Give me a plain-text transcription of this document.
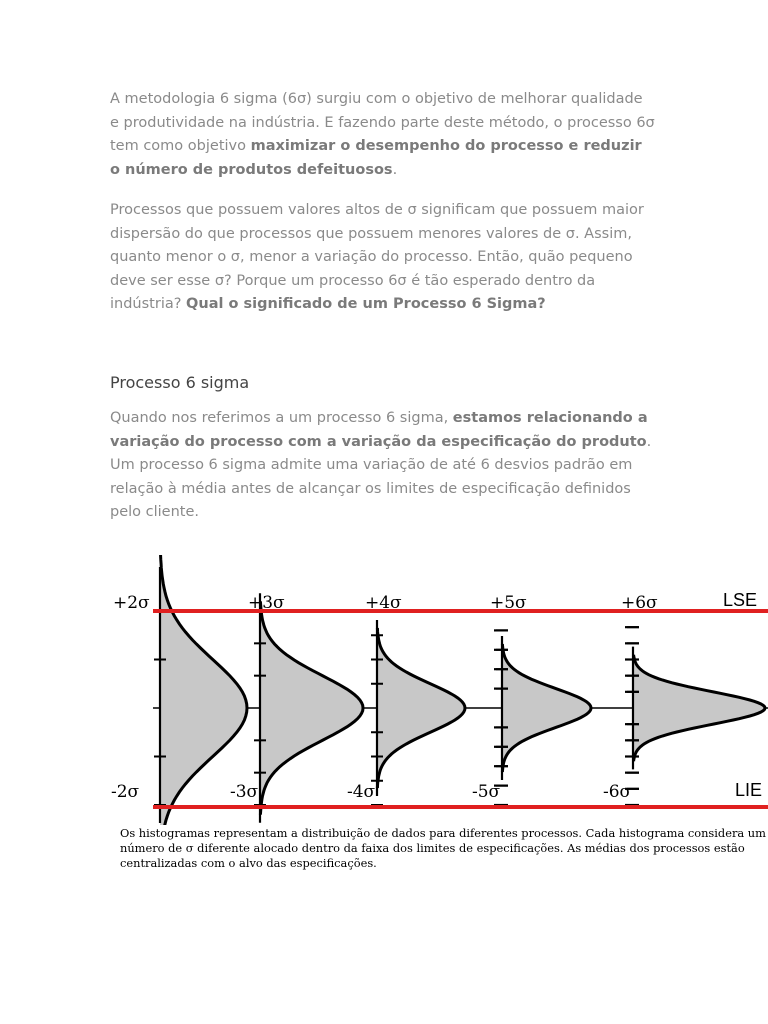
A metodologia 6 sigma (6σ) surgiu com o objetivo de melhorar qualidade e produtividade na indústria. E fazendo parte deste método, o processo 6σ tem como objetivo maximizar o desempenho do processo e reduzir o número de produtos defeituosos.

Processos que possuem valores altos de σ significam que possuem maior dispersão do que processos que possuem menores valores de σ. Assim, quanto menor o σ, menor a variação do processo. Então, quão pequeno deve ser esse σ? Porque um processo 6σ é tão esperado dentro da indústria? Qual o significado de um Processo 6 Sigma?

Processo 6 sigma

Quando nos referimos a um processo 6 sigma, estamos relacionando a variação do processo com a variação da especificação do produto. Um processo 6 sigma admite uma variação de até 6 desvios padrão em relação à média antes de alcançar os limites de especificação definidos pelo cliente.

+2σ
-2σ
+3σ
-3σ
+4σ
-4σ
+5σ
-5σ
+6σ
-6σ
LSE
LIE

Os histogramas representam a distribuição de dados para diferentes processos. Cada histograma considera um
número de σ diferente alocado dentro da faixa dos limites de especificações. As médias dos processos estão
centralizadas com o alvo das especificações.
